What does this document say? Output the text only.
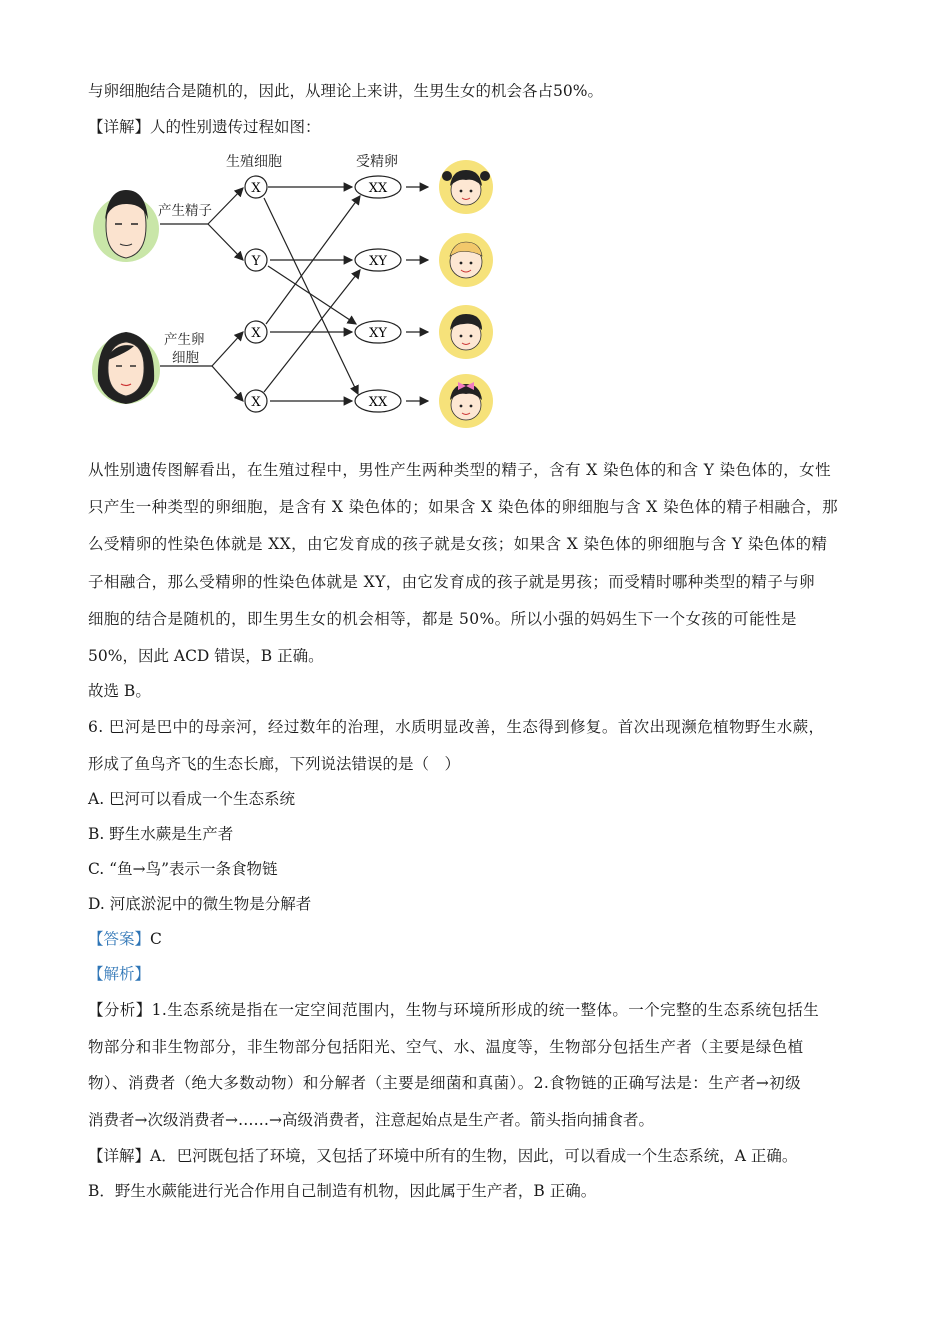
与卵细胞结合是随机的，因此，从理论上来讲，生男生女的机会各占50%。
【详解】人的性别遗传过程如图：
生殖细胞	受精卵
产生精子
产生卵
细胞
X
Y
X
X
XX
XY
XY
XX
从性别遗传图解看出，在生殖过程中，男性产生两种类型的精子，含有 X 染色体的和含 Y 染色体的，女性
只产生一种类型的卵细胞，是含有 X 染色体的；如果含 X 染色体的卵细胞与含 X 染色体的精子相融合，那
么受精卵的性染色体就是 XX，由它发育成的孩子就是女孩；如果含 X 染色体的卵细胞与含 Y 染色体的精
子相融合，那么受精卵的性染色体就是 XY，由它发育成的孩子就是男孩；而受精时哪种类型的精子与卵
细胞的结合是随机的，即生男生女的机会相等，都是 50%。所以小强的妈妈生下一个女孩的可能性是
50%，因此 ACD 错误，B 正确。
故选 B。
6. 巴河是巴中的母亲河，经过数年的治理，水质明显改善，生态得到修复。首次出现濒危植物野生水蕨，
形成了鱼鸟齐飞的生态长廊，下列说法错误的是（　）
A. 巴河可以看成一个生态系统
B. 野生水蕨是生产者
C. “鱼→鸟”表示一条食物链
D. 河底淤泥中的微生物是分解者
【答案】C
【解析】
【分析】1.生态系统是指在一定空间范围内，生物与环境所形成的统一整体。一个完整的生态系统包括生
物部分和非生物部分，非生物部分包括阳光、空气、水、温度等，生物部分包括生产者（主要是绿色植
物）、消费者（绝大多数动物）和分解者（主要是细菌和真菌）。2.食物链的正确写法是：生产者→初级
消费者→次级消费者→……→高级消费者，注意起始点是生产者。箭头指向捕食者。
【详解】A．巴河既包括了环境，又包括了环境中所有的生物，因此，可以看成一个生态系统，A 正确。
B．野生水蕨能进行光合作用自己制造有机物，因此属于生产者，B 正确。
